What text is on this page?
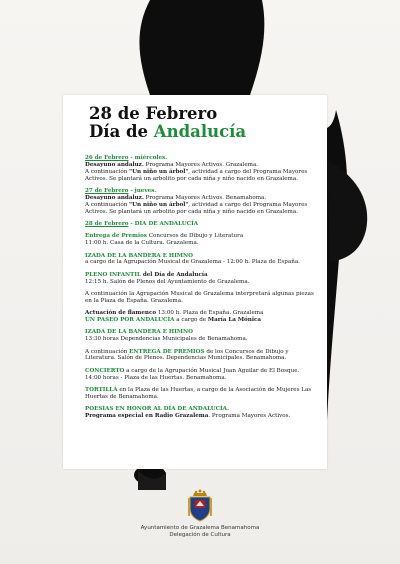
28 de Febrero
Día de Andalucía
26 de Febrero - miércoles.
Desayuno andaluz. Programa Mayores Activos. Grazalema.
A continuación "Un niño un árbol", actividad a cargo del Programa Mayores Activos. Se plantará un arbolito por cada niña y niño nacido en Grazalema.
27 de Febrero - jueves.
Desayuno andaluz. Programa Mayores Activos. Benamahoma.
A continuación "Un niño un árbol", actividad a cargo del Programa Mayores Activos. Se plantará un arbolito por cada niña y niño nacido en Grazalema.
28 de Febrero - DÍA DE ANDALUCÍA
Entrega de Premios Concursos de Dibujo y Literatura
11:00 h. Casa de la Cultura. Grazalema.
IZADA DE LA BANDERA E HIMNO
a cargo de la Agrupación Musical de Grazalema - 12:00 h. Plaza de España.
PLENO INFANTIL del Día de Andalucía
12:15 h. Salón de Plenos del Ayuntamiento de Grazalema.
A continuación la Agrupación Musical de Grazalema interpretará algunas piezas en la Plaza de España. Grazalema.
Actuación de flamenco 13:00 h. Plaza de España. Grazalema
UN PASEO POR ANDALUCÍA a cargo de María La Mónica
IZADA DE LA BANDERA E HIMNO
13:30 horas Dependencias Municipales de Benamahoma.
A continuación ENTREGA DE PREMIOS de los Concursos de Dibujo y Literatura. Salón de Plenos. Dependencias Municipales. Benamahoma.
CONCIERTO a cargo de la Agrupación Musical Juan Aguilar de El Bosque.
14:00 horas - Plaza de las Huertas. Benamahoma.
TORTILLÁ en la Plaza de las Huertas, a cargo de la Asociación de Mujeres Las Huertas de Benamahoma.
POESÍAS EN HONOR AL DÍA DE ANDALUCÍA.
Programa especial en Radio Grazalema. Programa Mayores Activos.
Ayuntamiento de Grazalema Benamahoma
Delegación de Cultura
